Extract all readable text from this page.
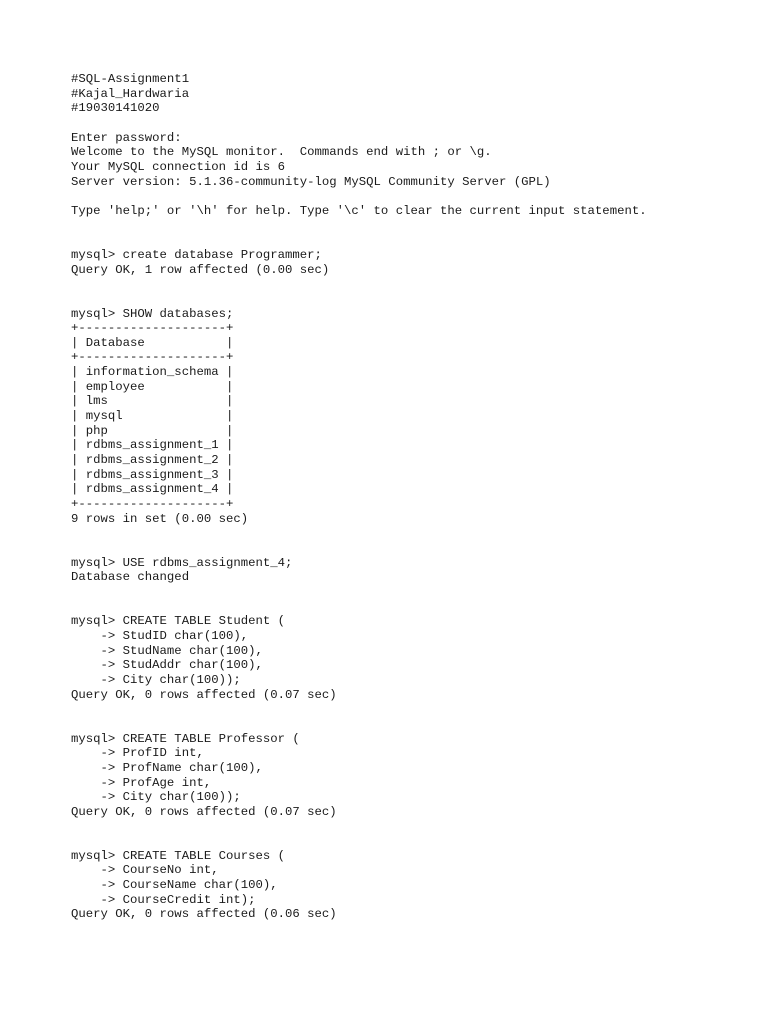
#SQL-Assignment1
#Kajal_Hardwaria
#19030141020

Enter password:
Welcome to the MySQL monitor.  Commands end with ; or \g.
Your MySQL connection id is 6
Server version: 5.1.36-community-log MySQL Community Server (GPL)

Type 'help;' or '\h' for help. Type '\c' to clear the current input statement.

mysql> create database Programmer;
Query OK, 1 row affected (0.00 sec)

mysql> SHOW databases;
+--------------------+
| Database           |
+--------------------+
| information_schema |
| employee           |
| lms                |
| mysql              |
| php                |
| rdbms_assignment_1 |
| rdbms_assignment_2 |
| rdbms_assignment_3 |
| rdbms_assignment_4 |
+--------------------+
9 rows in set (0.00 sec)

mysql> USE rdbms_assignment_4;
Database changed

mysql> CREATE TABLE Student (
-> StudID char(100),
-> StudName char(100),
-> StudAddr char(100),
-> City char(100));
Query OK, 0 rows affected (0.07 sec)

mysql> CREATE TABLE Professor (
-> ProfID int,
-> ProfName char(100),
-> ProfAge int,
-> City char(100));
Query OK, 0 rows affected (0.07 sec)

mysql> CREATE TABLE Courses (
-> CourseNo int,
-> CourseName char(100),
-> CourseCredit int);
Query OK, 0 rows affected (0.06 sec)
